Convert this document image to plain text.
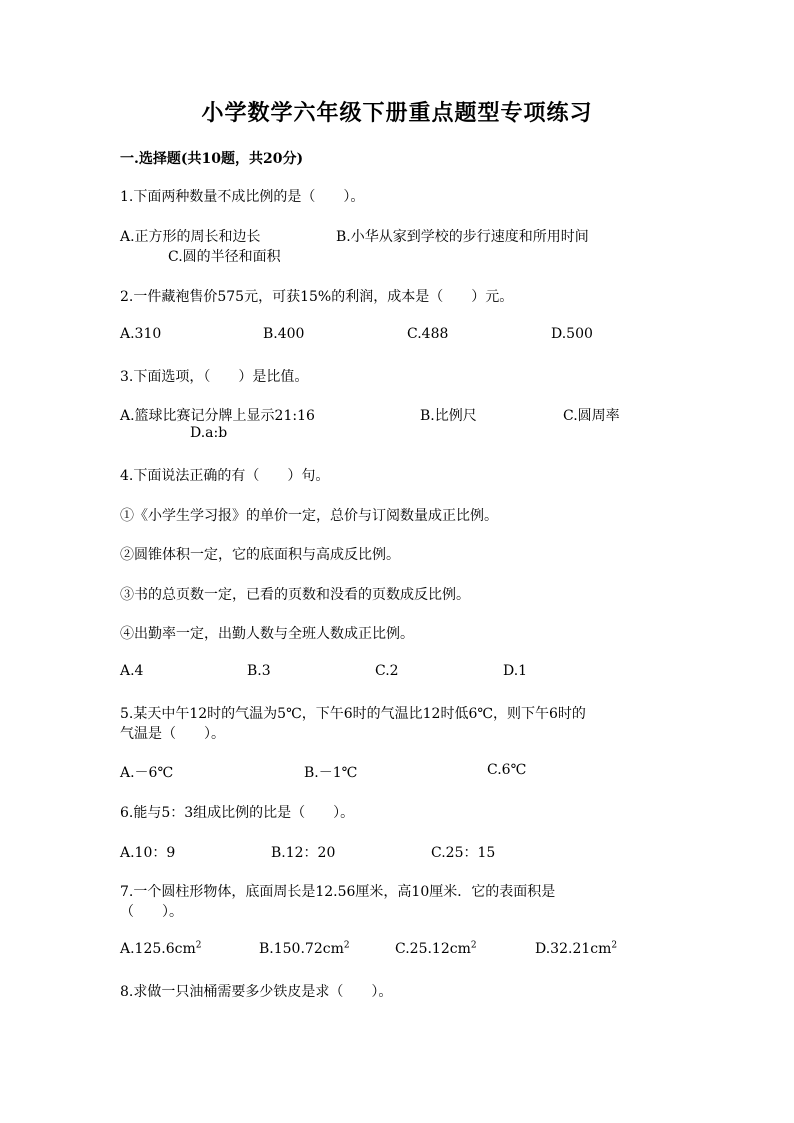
小学数学六年级下册重点题型专项练习
一.选择题(共10题，共20分)
1.下面两种数量不成比例的是（　　）。
A.正方形的周长和边长	B.小华从家到学校的步行速度和所用时间
C.圆的半径和面积
2.一件藏袍售价575元，可获15%的利润，成本是（　　）元。
A.310	B.400	C.488	D.500
3.下面选项，（　　）是比值。
A.篮球比赛记分牌上显示21:16	B.比例尺	C.圆周率
D.a:b
4.下面说法正确的有（　　）句。
①《小学生学习报》的单价一定，总价与订阅数量成正比例。
②圆锥体积一定，它的底面积与高成反比例。
③书的总页数一定，已看的页数和没看的页数成反比例。
④出勤率一定，出勤人数与全班人数成正比例。
A.4	B.3	C.2	D.1
5.某天中午12时的气温为5℃，下午6时的气温比12时低6℃，则下午6时的
气温是（　　）。
A.－6℃	B.－1℃	C.6℃
6.能与5：3组成比例的比是（　　）。
A.10：9	B.12：20	C.25：15
7.一个圆柱形物体，底面周长是12.56厘米，高10厘米．它的表面积是
（　　）。
$A.125.6cm^2$	$B.150.72cm^2$	$C.25.12cm^2$	$D.32.21cm^2$
8.求做一只油桶需要多少铁皮是求（　　）。
